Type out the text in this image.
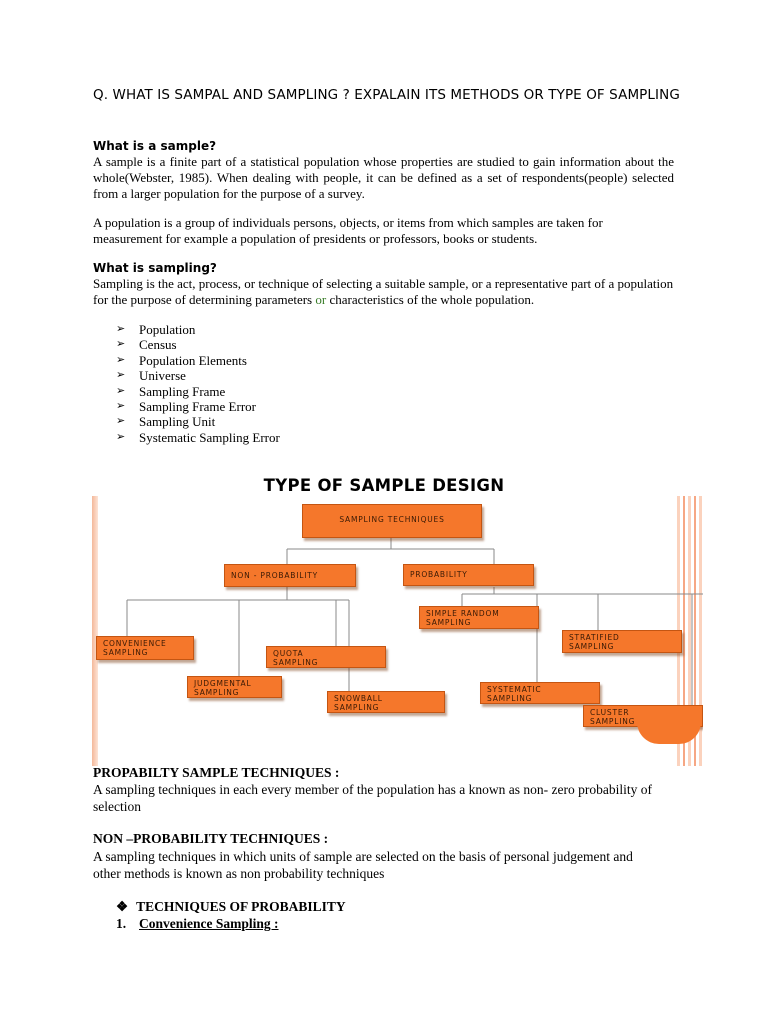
Q. WHAT IS SAMPAL AND SAMPLING ? EXPALAIN ITS METHODS OR TYPE OF SAMPLING
What is a sample?
A sample is a finite part of a statistical population whose properties are studied to gain information about the whole(Webster, 1985). When dealing with people, it can be defined as a set of respondents(people) selected from a larger population for the purpose of a survey.
A population is a group of individuals persons, objects, or items from which samples are taken for measurement for example a population of presidents or professors, books or students.
What is sampling?
Sampling is the act, process, or technique of selecting a suitable sample, or a representative part of a population for the purpose of determining parameters or characteristics of the whole population.
➢ Population
➢ Census
➢ Population Elements
➢ Universe
➢ Sampling Frame
➢ Sampling Frame Error
➢ Sampling Unit
➢ Systematic Sampling Error
TYPE OF SAMPLE DESIGN
SAMPLING TECHNIQUES
NON - PROBABILITY	PROBABILITY
CONVENIENCE
SAMPLING
JUDGMENTAL
SAMPLING
QUOTA
SAMPLING
SNOWBALL
SAMPLING
SIMPLE RANDOM
SAMPLING
SYSTEMATIC
SAMPLING
STRATIFIED
SAMPLING
CLUSTER
SAMPLING
PROPABILTY SAMPLE TECHNIQUES :
A sampling techniques in each every member of the population has a known as non- zero probability of selection
NON –PROBABILITY TECHNIQUES :
A sampling techniques in which units of sample are selected on the basis of personal judgement and other methods is known as non probability techniques
❖ TECHNIQUES OF PROBABILITY
1. Convenience Sampling :
